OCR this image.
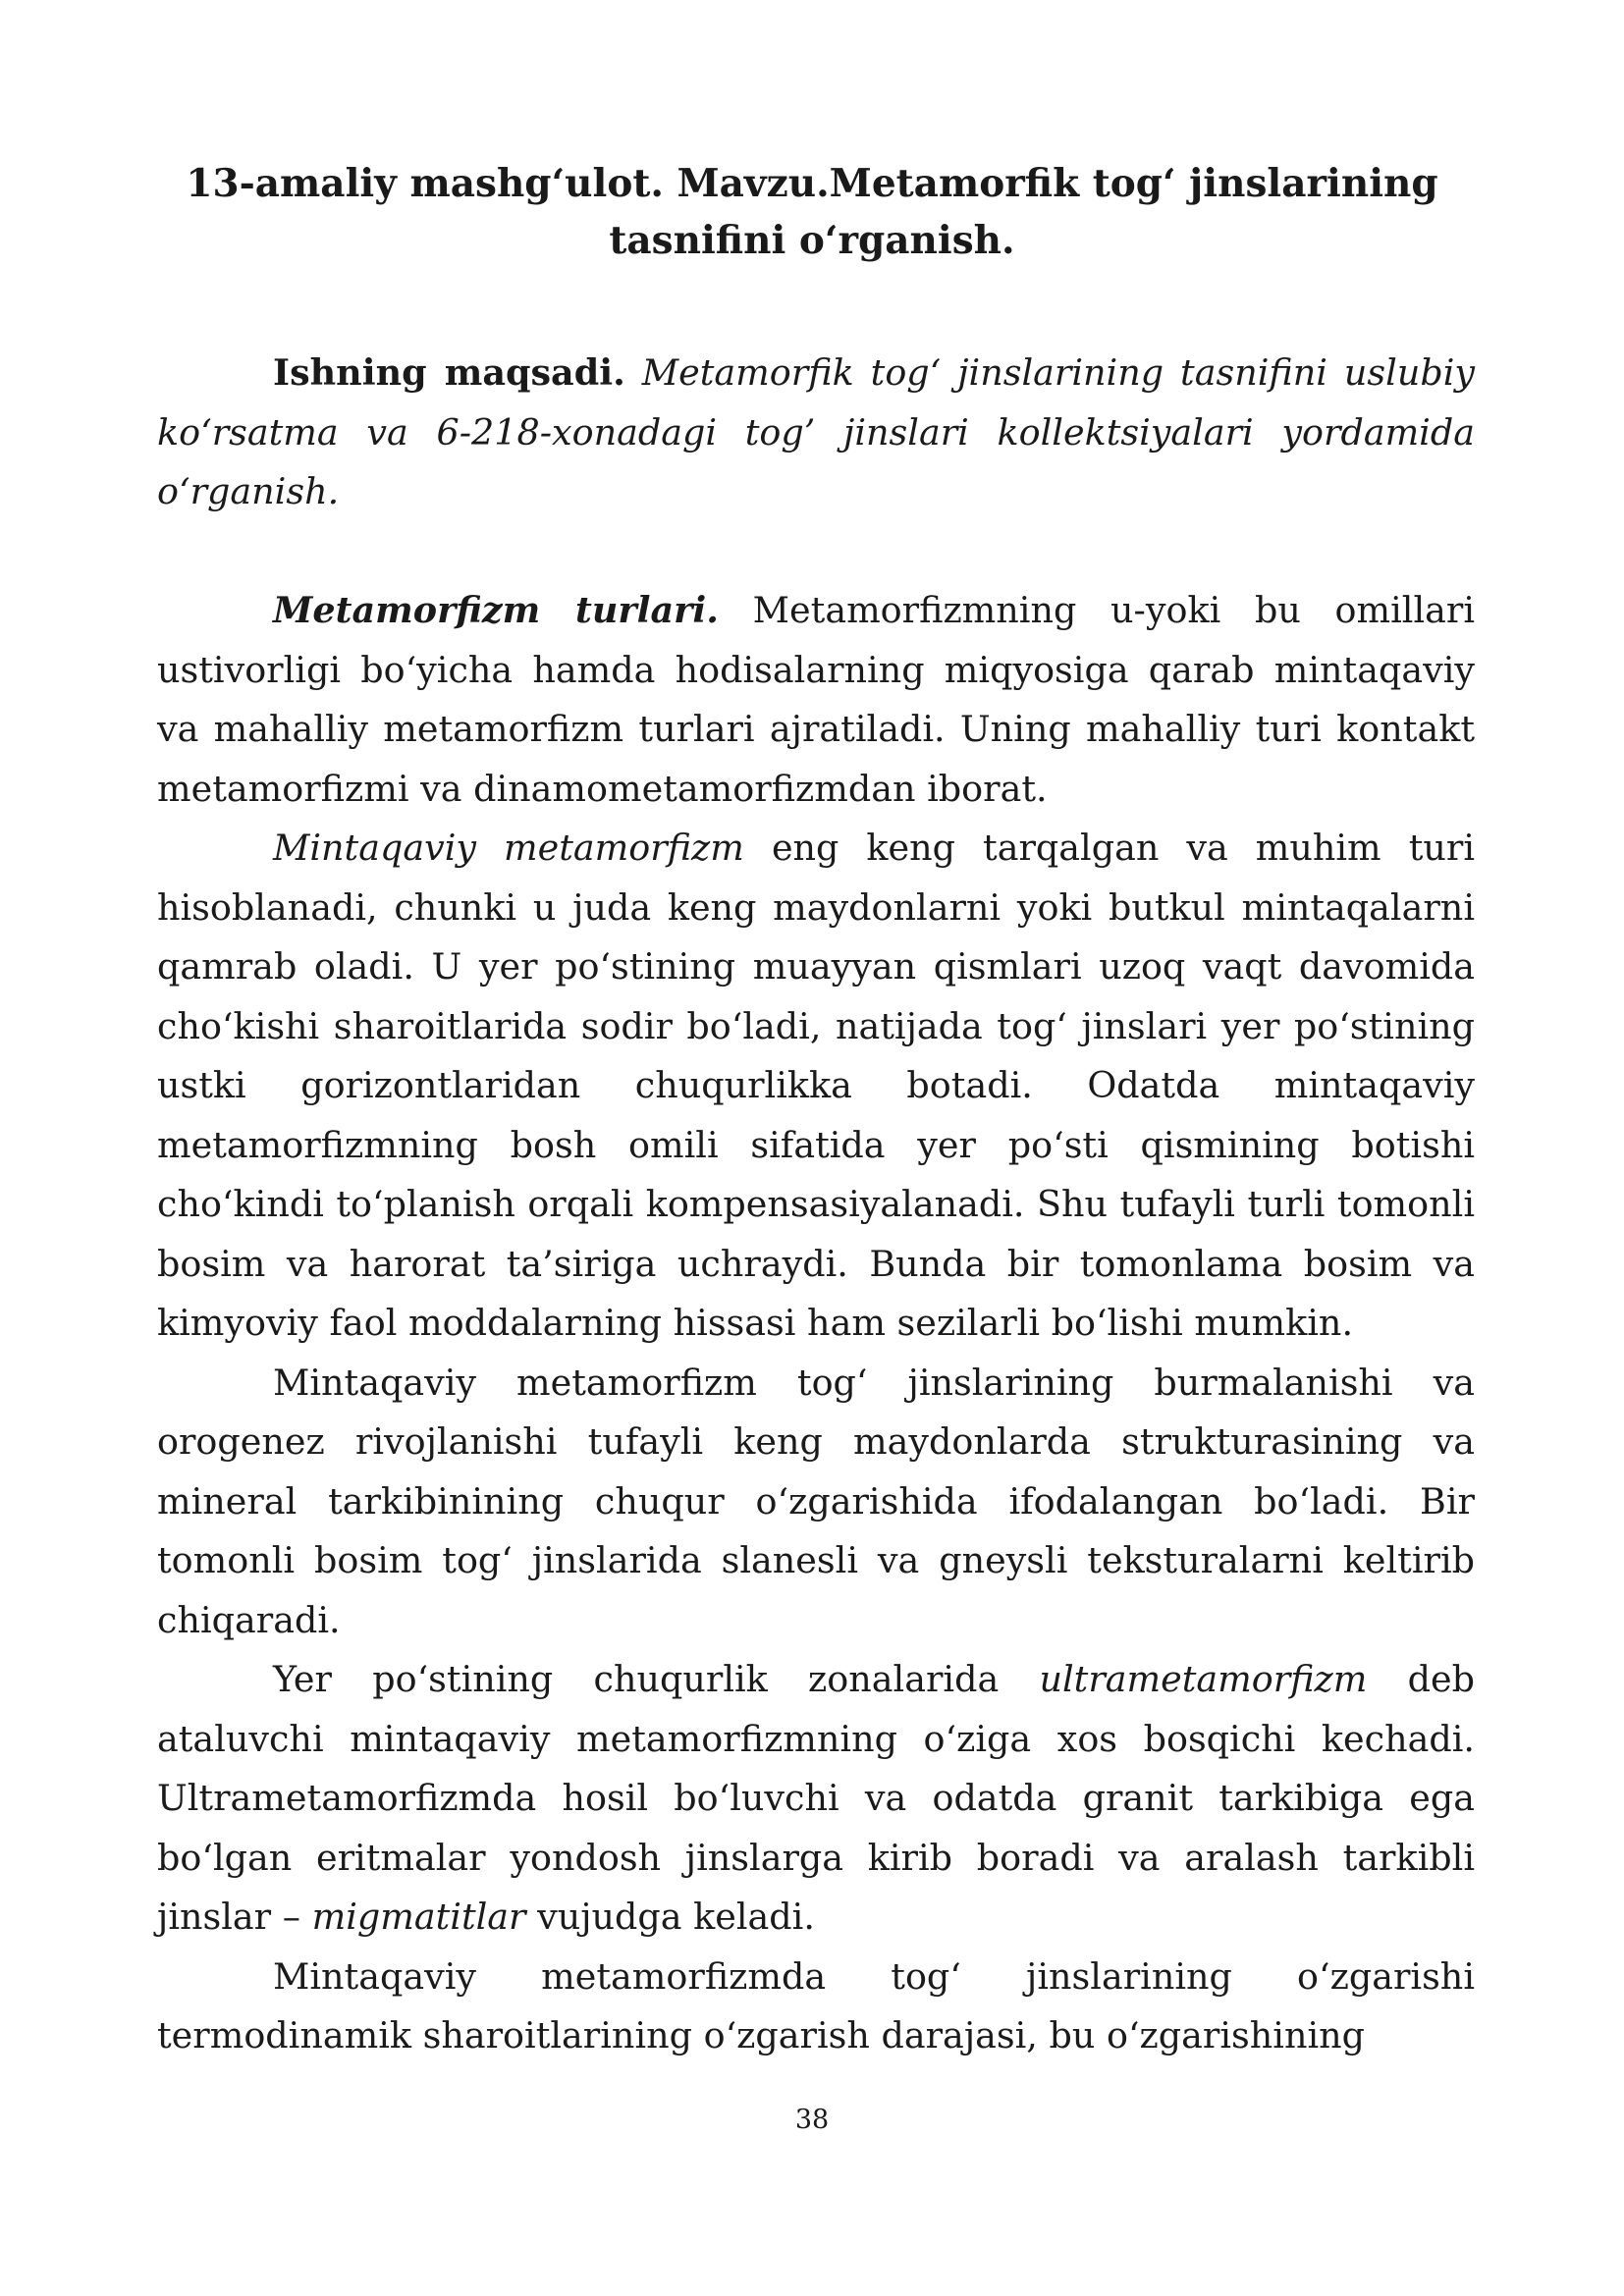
13-amaliy mashg‘ulot. Mavzu.Metamorfik tog‘ jinslarining
tasnifini o‘rganish.

Ishning maqsadi. Metamorfik tog‘ jinslarining tasnifini uslubiy ko‘rsatma va 6-218-xonadagi tog’ jinslari kollektsiyalari yordamida o‘rganish.

Metamorfizm turlari. Metamorfizmning u-yoki bu omillari ustivorligi bo‘yicha hamda hodisalarning miqyosiga qarab mintaqaviy va mahalliy metamorfizm turlari ajratiladi. Uning mahalliy turi kontakt metamorfizmi va dinamometamorfizmdan iborat.

Mintaqaviy metamorfizm eng keng tarqalgan va muhim turi hisoblanadi, chunki u juda keng maydonlarni yoki butkul mintaqalarni qamrab oladi. U yer po‘stining muayyan qismlari uzoq vaqt davomida cho‘kishi sharoitlarida sodir bo‘ladi, natijada tog‘ jinslari yer po‘stining ustki gorizontlaridan chuqurlikka botadi. Odatda mintaqaviy metamorfizmning bosh omili sifatida yer po‘sti qismining botishi cho‘kindi to‘planish orqali kompensasiyalanadi. Shu tufayli turli tomonli bosim va harorat ta’siriga uchraydi. Bunda bir tomonlama bosim va kimyoviy faol moddalarning hissasi ham sezilarli bo‘lishi mumkin.

Mintaqaviy metamorfizm tog‘ jinslarining burmalanishi va orogenez rivojlanishi tufayli keng maydonlarda strukturasining va mineral tarkibinining chuqur o‘zgarishida ifodalangan bo‘ladi. Bir tomonli bosim tog‘ jinslarida slanesli va gneysli teksturalarni keltirib chiqaradi.

Yer po‘stining chuqurlik zonalarida ultrametamorfizm deb ataluvchi mintaqaviy metamorfizmning o‘ziga xos bosqichi kechadi. Ultrametamorfizmda hosil bo‘luvchi va odatda granit tarkibiga ega bo‘lgan eritmalar yondosh jinslarga kirib boradi va aralash tarkibli jinslar – migmatitlar vujudga keladi.

Mintaqaviy metamorfizmda tog‘ jinslarining o‘zgarishi termodinamik sharoitlarining o‘zgarish darajasi, bu o‘zgarishining

38
